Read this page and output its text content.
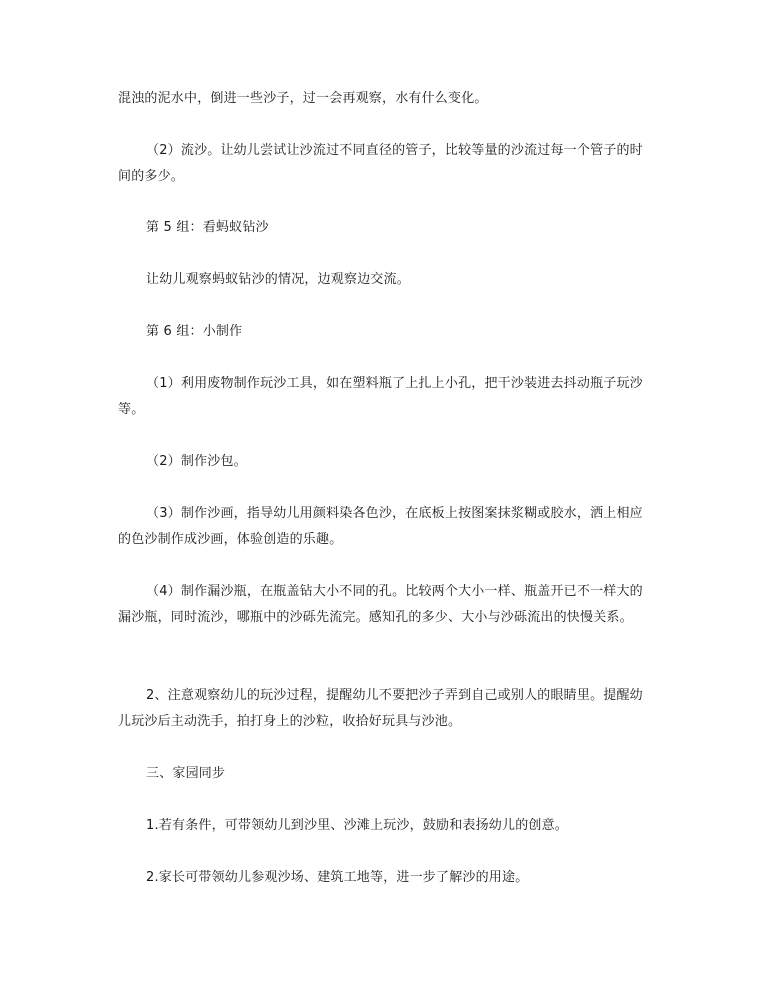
混浊的泥水中，倒进一些沙子，过一会再观察，水有什么变化。

（2）流沙。让幼儿尝试让沙流过不同直径的管子，比较等量的沙流过每一个管子的时间的多少。

第 5 组：看蚂蚁钻沙

让幼儿观察蚂蚁钻沙的情况，边观察边交流。

第 6 组：小制作

（1）利用废物制作玩沙工具，如在塑料瓶了上扎上小孔，把干沙装进去抖动瓶子玩沙等。

（2）制作沙包。

（3）制作沙画，指导幼儿用颜料染各色沙，在底板上按图案抹浆糊或胶水，洒上相应的色沙制作成沙画，体验创造的乐趣。

（4）制作漏沙瓶，在瓶盖钻大小不同的孔。比较两个大小一样、瓶盖开已不一样大的漏沙瓶，同时流沙，哪瓶中的沙砾先流完。感知孔的多少、大小与沙砾流出的快慢关系。

2、注意观察幼儿的玩沙过程，提醒幼儿不要把沙子弄到自己或别人的眼睛里。提醒幼儿玩沙后主动洗手，拍打身上的沙粒，收拾好玩具与沙池。

三、家园同步

1.若有条件，可带领幼儿到沙里、沙滩上玩沙，鼓励和表扬幼儿的创意。

2.家长可带领幼儿参观沙场、建筑工地等，进一步了解沙的用途。
